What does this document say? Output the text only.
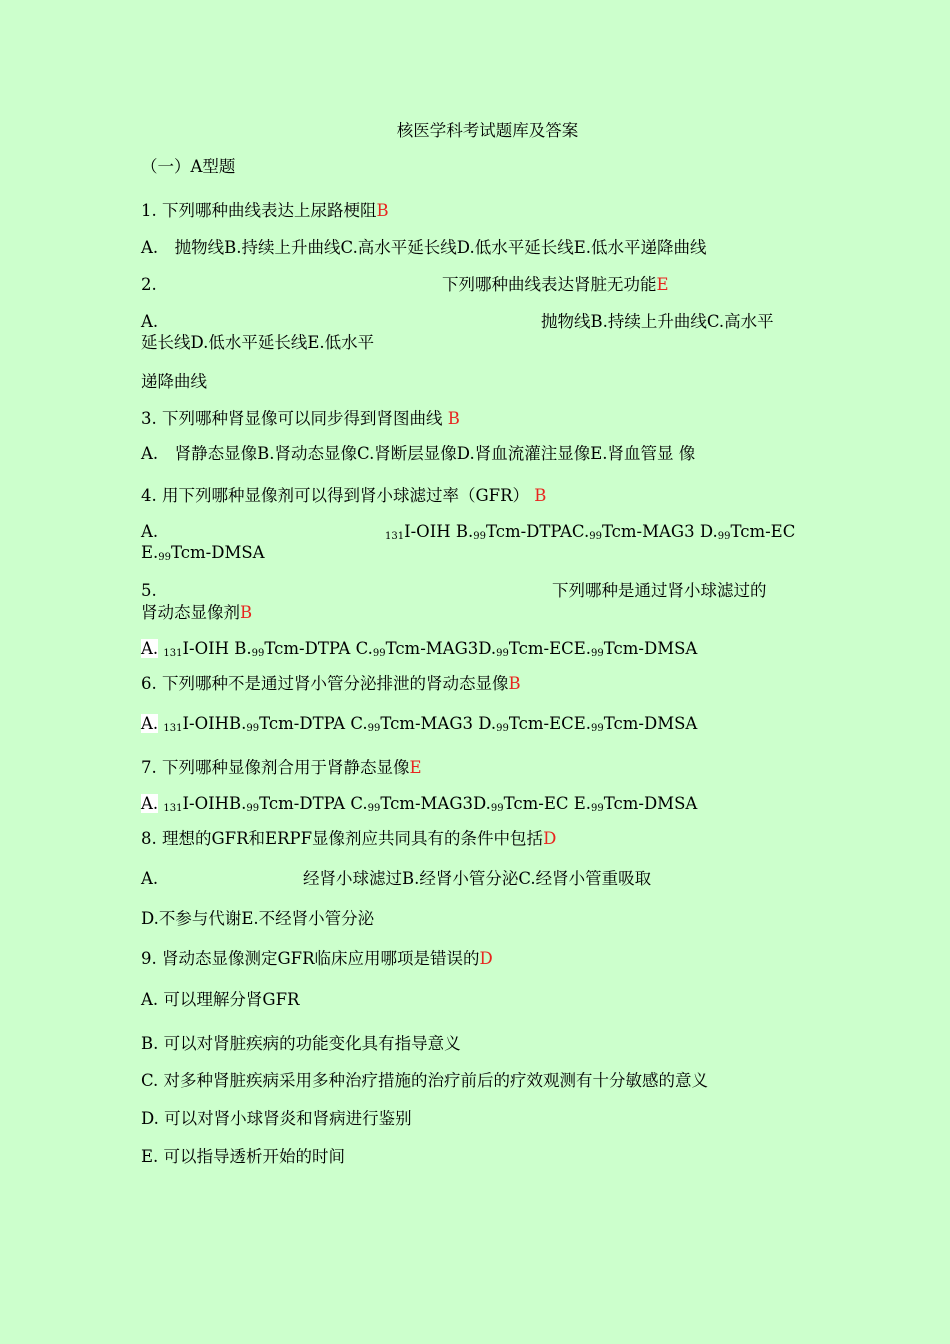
核医学科考试题库及答案
（一）A型题
1. 下列哪种曲线表达上尿路梗阻B
A.　抛物线B.持续上升曲线C.高水平延长线D.低水平延长线E.低水平递降曲线
2.	下列哪种曲线表达肾脏无功能E
A.	抛物线B.持续上升曲线C.高水平
延长线D.低水平延长线E.低水平
递降曲线
3. 下列哪种肾显像可以同步得到肾图曲线 B
A.　肾静态显像B.肾动态显像C.肾断层显像D.肾血流灌注显像E.肾血管显 像
4. 用下列哪种显像剂可以得到肾小球滤过率（GFR） B
A.	$_{131}$I-OIH $B._{99}Tcm-DTPAC._{99}Tcm-MAG3$ $D._{99}Tcm-EC$
$E._{99}Tcm$-DMSA
5.	下列哪种是通过肾小球滤过的
肾动态显像剂B
A. $_{131}$I-OIH $B._{99}Tcm$-DTPA $C._{99}Tcm-MAG3D._{99}Tcm-ECE._{99}Tcm$-DMSA
6. 下列哪种不是通过肾小管分泌排泄的肾动态显像B
A. $_{131}I-OIHB._{99}Tcm$-DTPA $C._{99}Tcm-MAG3$ $D._{99}Tcm-ECE._{99}Tcm$-DMSA
7. 下列哪种显像剂合用于肾静态显像E
A. $_{131}I-OIHB._{99}Tcm$-DTPA $C._{99}Tcm-MAG3D._{99}Tcm-EC$ $E._{99}Tcm$-DMSA
8. 理想的GFR和ERPF显像剂应共同具有的条件中包括D
A.	经肾小球滤过B.经肾小管分泌C.经肾小管重吸取
D.不参与代谢E.不经肾小管分泌
9. 肾动态显像测定GFR临床应用哪项是错误的D
A. 可以理解分肾GFR
B. 可以对肾脏疾病的功能变化具有指导意义
C. 对多种肾脏疾病采用多种治疗措施的治疗前后的疗效观测有十分敏感的意义
D. 可以对肾小球肾炎和肾病进行鉴别
E. 可以指导透析开始的时间
